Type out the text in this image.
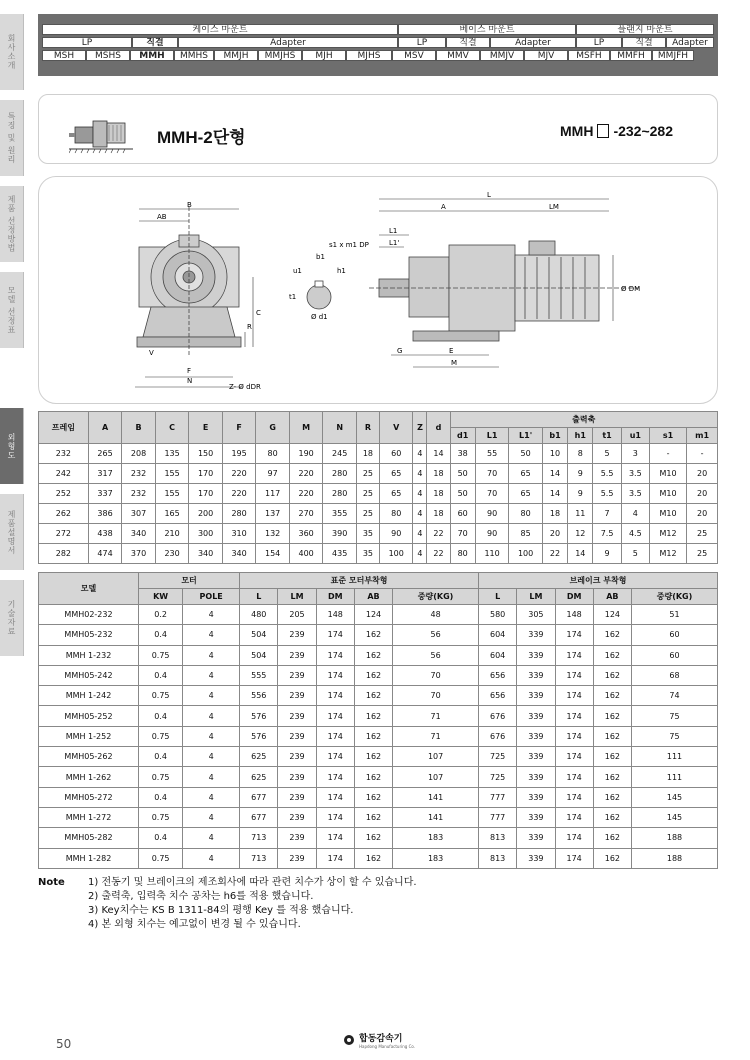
회사소개
특징 및 원리
제품 선정방법
모델 선정표
외형도
제품설명서
기술자료
케이스 마운트	베이스 마운트	플랜지 마운트
LP	직결	Adapter	LP	직결	Adapter	LP	직결	Adapter
MSH	MSHS	MMH	MMHS	MMJH	MMJHS	MJH	MJHS	MSV	MMV	MMJV	MJV	MSFH	MMFH	MMJFH
MMH-2단형	MMH -232~282
B
AB
C
R
V
F
N
Z- Ø dDR
s1 x m1 DP
b1
u1	h1
t1
Ø d1
L
A	LM
L1
L1'
Ø DM
G	E
M
프레임	A	B	C	E	F	G	M	N	R	V	Z	d	출력축								
													d1	L1	L1'	b1	h1	t1	u1	s1	m1
232	265	208	135	150	195	80	190	245	18	60	4	14	38	55	50	10	8	5	3	-	-
242	317	232	155	170	220	97	220	280	25	65	4	18	50	70	65	14	9	5.5	3.5	M10	20
252	337	232	155	170	220	117	220	280	25	65	4	18	50	70	65	14	9	5.5	3.5	M10	20
262	386	307	165	200	280	137	270	355	25	80	4	18	60	90	80	18	11	7	4	M10	20
272	438	340	210	300	310	132	360	390	35	90	4	22	70	90	85	20	12	7.5	4.5	M12	25
282	474	370	230	340	340	154	400	435	35	100	4	22	80	110	100	22	14	9	5	M12	25
모델	모터		표준 모터부착형					브레이크 부착형				
	KW	POLE	L	LM	DM	AB	중량(KG)	L	LM	DM	AB	중량(KG)
MMH02-232	0.2	4	480	205	148	124	48	580	305	148	124	51
MMH05-232	0.4	4	504	239	174	162	56	604	339	174	162	60
MMH 1-232	0.75	4	504	239	174	162	56	604	339	174	162	60
MMH05-242	0.4	4	555	239	174	162	70	656	339	174	162	68
MMH 1-242	0.75	4	556	239	174	162	70	656	339	174	162	74
MMH05-252	0.4	4	576	239	174	162	71	676	339	174	162	75
MMH 1-252	0.75	4	576	239	174	162	71	676	339	174	162	75
MMH05-262	0.4	4	625	239	174	162	107	725	339	174	162	111
MMH 1-262	0.75	4	625	239	174	162	107	725	339	174	162	111
MMH05-272	0.4	4	677	239	174	162	141	777	339	174	162	145
MMH 1-272	0.75	4	677	239	174	162	141	777	339	174	162	145
MMH05-282	0.4	4	713	239	174	162	183	813	339	174	162	188
MMH 1-282	0.75	4	713	239	174	162	183	813	339	174	162	188
Note	1) 전동기 및 브레이크의 제조회사에 따라 관련 치수가 상이 할 수 있습니다.
2) 출력축, 입력축 치수 공차는 h6를 적용 했습니다.
3) Key치수는 KS B 1311-84의 평행 Key 를 적용 했습니다.
4) 본 외형 치수는 예고없이 변경 될 수 있습니다.
50	합동감속기
Hapdong Manufacturing Co.
